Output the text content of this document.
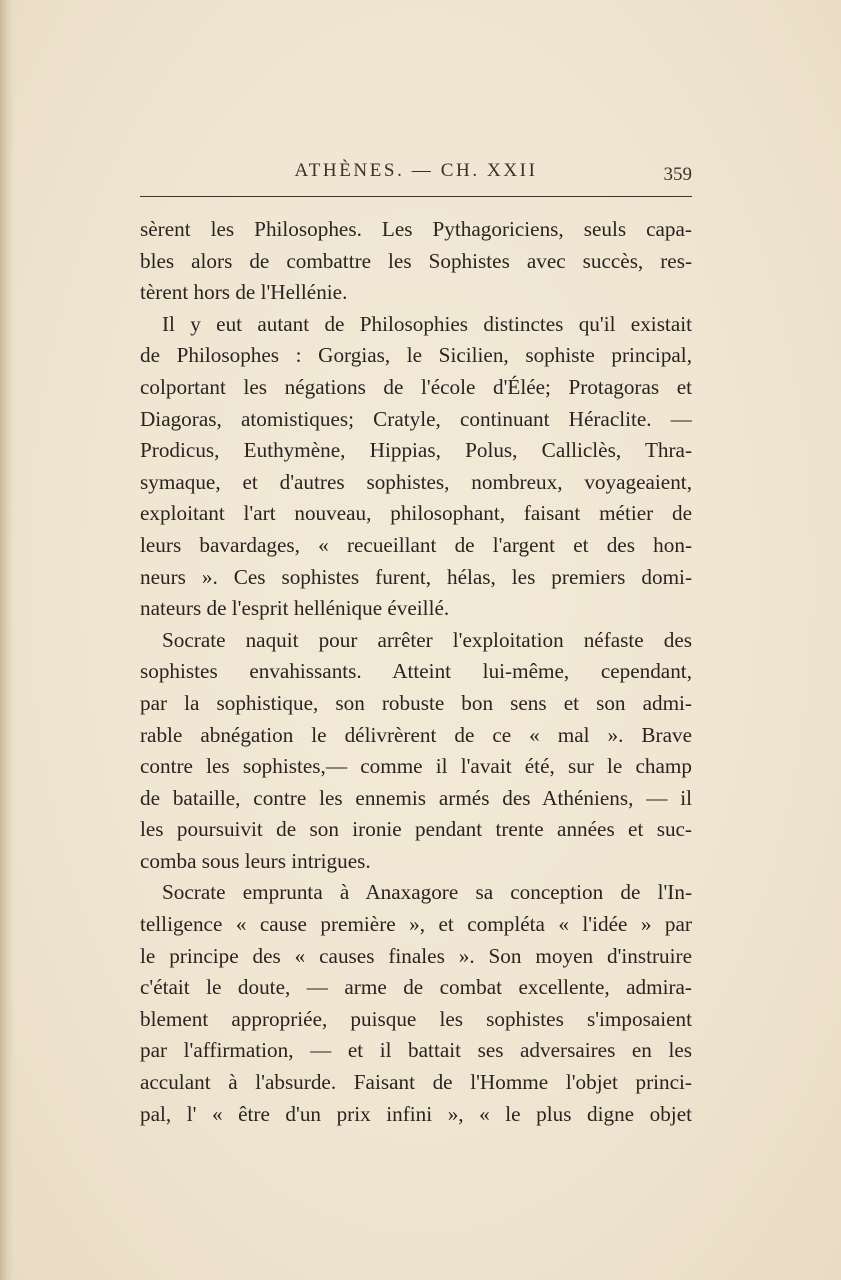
ATHÈNES. — CH. XXII	359
sèrent les Philosophes. Les Pythagoriciens, seuls capa-
bles alors de combattre les Sophistes avec succès, res-
tèrent hors de l'Hellénie.
Il y eut autant de Philosophies distinctes qu'il existait
de Philosophes : Gorgias, le Sicilien, sophiste principal,
colportant les négations de l'école d'Élée; Protagoras et
Diagoras, atomistiques; Cratyle, continuant Héraclite. —
Prodicus, Euthymène, Hippias, Polus, Calliclès, Thra-
symaque, et d'autres sophistes, nombreux, voyageaient,
exploitant l'art nouveau, philosophant, faisant métier de
leurs bavardages, « recueillant de l'argent et des hon-
neurs ». Ces sophistes furent, hélas, les premiers domi-
nateurs de l'esprit hellénique éveillé.
Socrate naquit pour arrêter l'exploitation néfaste des
sophistes envahissants. Atteint lui-même, cependant,
par la sophistique, son robuste bon sens et son admi-
rable abnégation le délivrèrent de ce « mal ». Brave
contre les sophistes,— comme il l'avait été, sur le champ
de bataille, contre les ennemis armés des Athéniens, — il
les poursuivit de son ironie pendant trente années et suc-
comba sous leurs intrigues.
Socrate emprunta à Anaxagore sa conception de l'In-
telligence « cause première », et compléta « l'idée » par
le principe des « causes finales ». Son moyen d'instruire
c'était le doute, — arme de combat excellente, admira-
blement appropriée, puisque les sophistes s'imposaient
par l'affirmation, — et il battait ses adversaires en les
acculant à l'absurde. Faisant de l'Homme l'objet princi-
pal, l' « être d'un prix infini », « le plus digne objet
